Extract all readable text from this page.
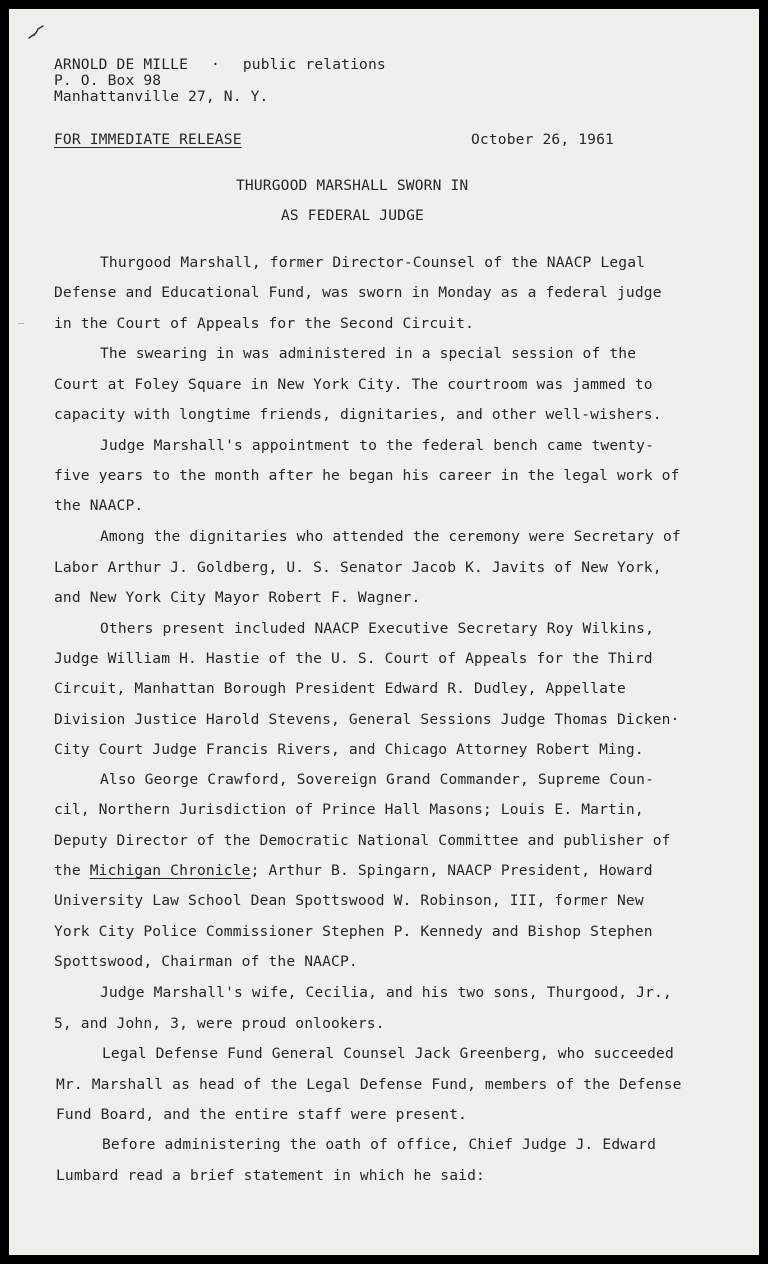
ARNOLD DE MILLE · public relations
P. O. Box 98
Manhattanville 27, N. Y.
FOR IMMEDIATE RELEASE	October 26, 1961
THURGOOD MARSHALL SWORN IN
AS FEDERAL JUDGE
Thurgood Marshall, former Director-Counsel of the NAACP Legal
Defense and Educational Fund, was sworn in Monday as a federal judge
in the Court of Appeals for the Second Circuit.
The swearing in was administered in a special session of the
Court at Foley Square in New York City. The courtroom was jammed to
capacity with longtime friends, dignitaries, and other well-wishers.
Judge Marshall's appointment to the federal bench came twenty-
five years to the month after he began his career in the legal work of
the NAACP.
Among the dignitaries who attended the ceremony were Secretary of
Labor Arthur J. Goldberg, U. S. Senator Jacob K. Javits of New York,
and New York City Mayor Robert F. Wagner.
Others present included NAACP Executive Secretary Roy Wilkins,
Judge William H. Hastie of the U. S. Court of Appeals for the Third
Circuit, Manhattan Borough President Edward R. Dudley, Appellate
Division Justice Harold Stevens, General Sessions Judge Thomas Dicken·
City Court Judge Francis Rivers, and Chicago Attorney Robert Ming.
Also George Crawford, Sovereign Grand Commander, Supreme Coun-
cil, Northern Jurisdiction of Prince Hall Masons; Louis E. Martin,
Deputy Director of the Democratic National Committee and publisher of
the Michigan Chronicle; Arthur B. Spingarn, NAACP President, Howard
University Law School Dean Spottswood W. Robinson, III, former New
York City Police Commissioner Stephen P. Kennedy and Bishop Stephen
Spottswood, Chairman of the NAACP.
Judge Marshall's wife, Cecilia, and his two sons, Thurgood, Jr.,
5, and John, 3, were proud onlookers.
Legal Defense Fund General Counsel Jack Greenberg, who succeeded
Mr. Marshall as head of the Legal Defense Fund, members of the Defense
Fund Board, and the entire staff were present.
Before administering the oath of office, Chief Judge J. Edward
Lumbard read a brief statement in which he said:
